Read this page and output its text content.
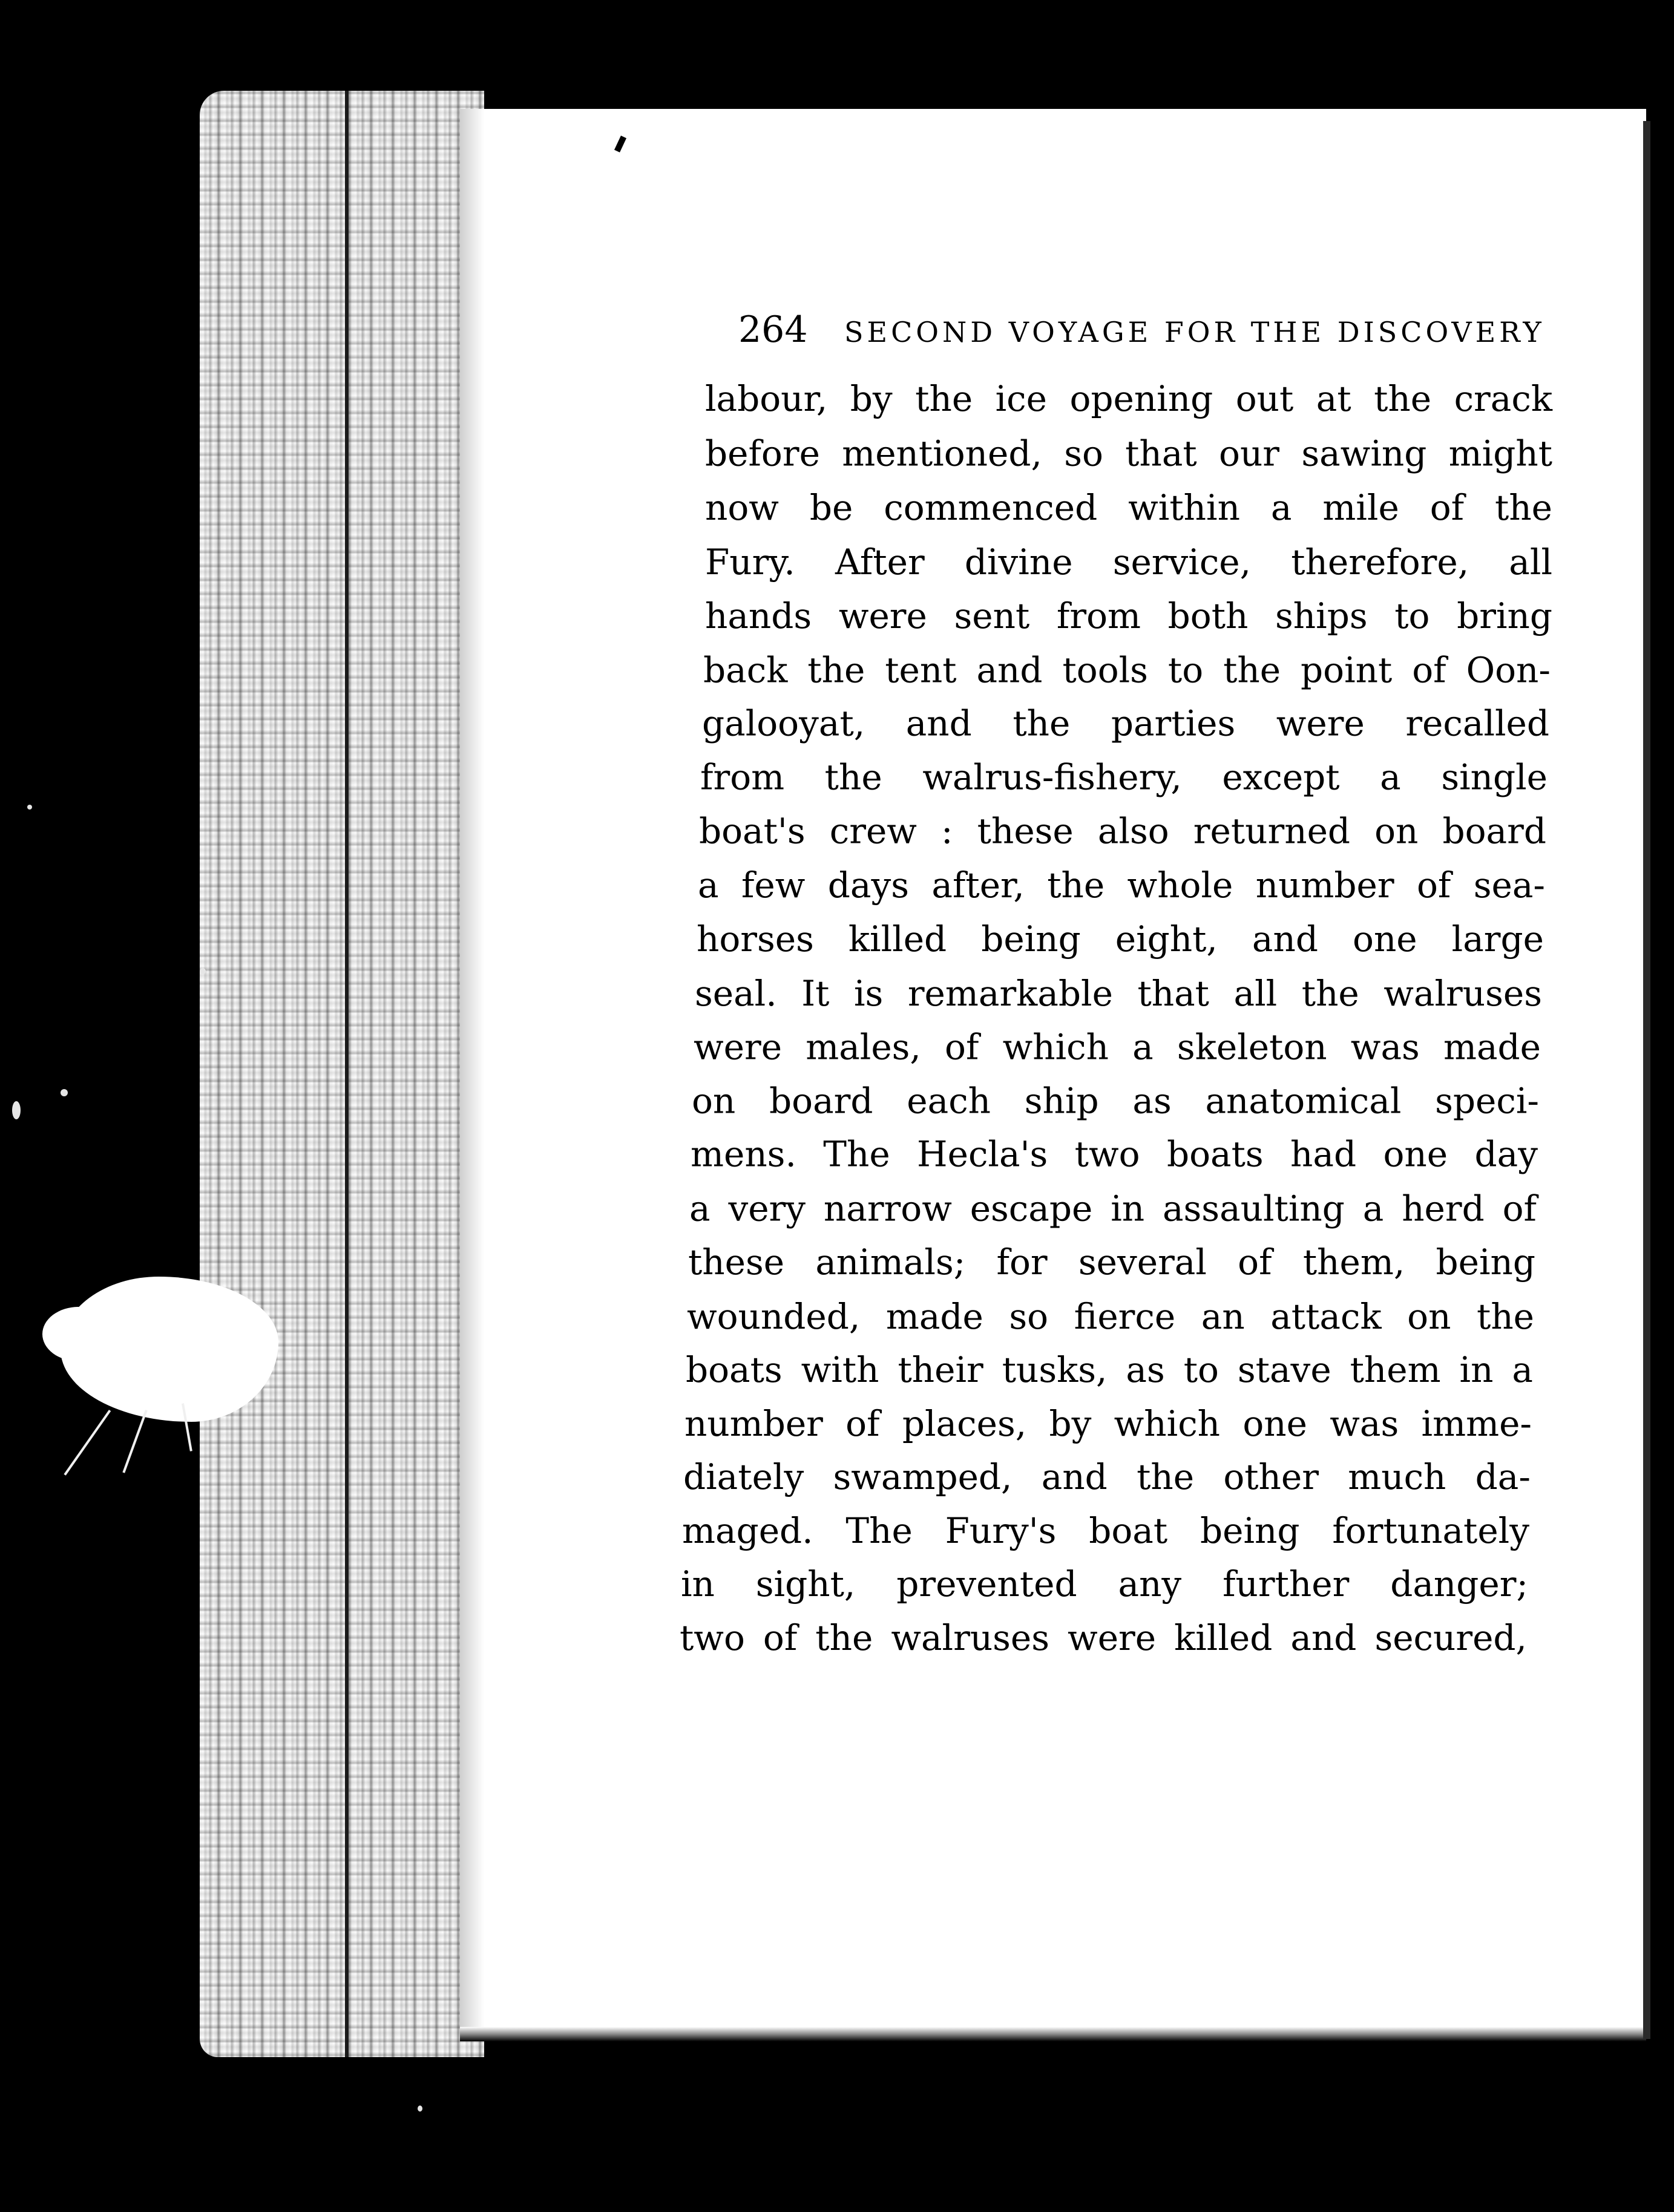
264 SECOND VOYAGE FOR THE DISCOVERY
labour, by the ice opening out at the crack
before mentioned, so that our sawing might
now be commenced within a mile of the
Fury. After divine service, therefore, all
hands were sent from both ships to bring
back the tent and tools to the point of Oon-
galooyat, and the parties were recalled
from the walrus-fishery, except a single
boat's crew : these also returned on board
a few days after, the whole number of sea-
horses killed being eight, and one large
seal. It is remarkable that all the walruses
were males, of which a skeleton was made
on board each ship as anatomical speci-
mens. The Hecla's two boats had one day
a very narrow escape in assaulting a herd of
these animals; for several of them, being
wounded, made so fierce an attack on the
boats with their tusks, as to stave them in a
number of places, by which one was imme-
diately swamped, and the other much da-
maged. The Fury's boat being fortunately
in sight, prevented any further danger;
two of the walruses were killed and secured,
